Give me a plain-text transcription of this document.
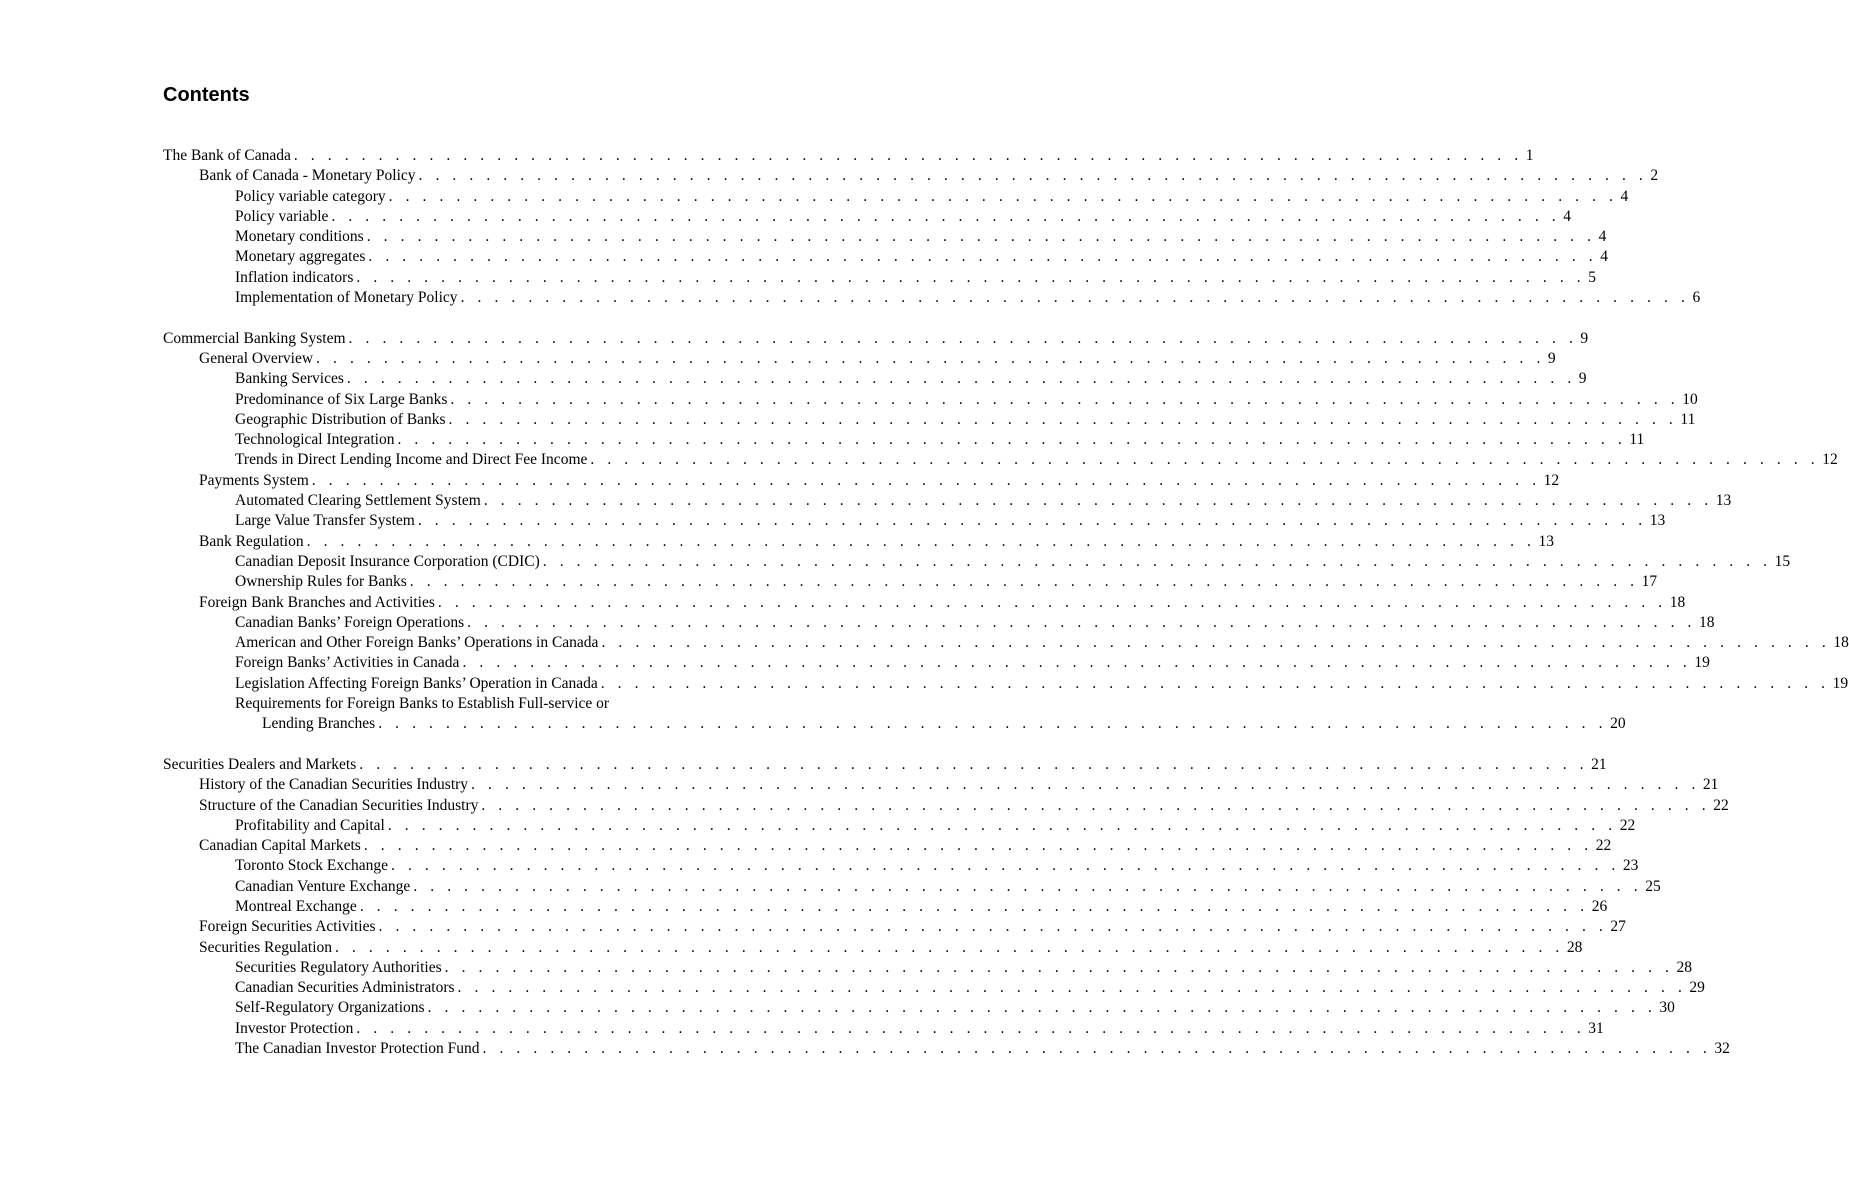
Contents
The Bank of Canada . . . . . . . . . . . . . . . . . . . . . . . . . . . . . . . . . . . . . . . . . . . . . . . . . . . . . . . . . . . . . . . . . . . . . . . . . 1
Bank of Canada - Monetary Policy . . . . . . . . . . . . . . . . . . . . . . . . . . . . . . . . . . . . . . . . . . . . . . . . . . . . . . . . . . . . . . . . . . . . . . . . . 2
Policy variable category . . . . . . . . . . . . . . . . . . . . . . . . . . . . . . . . . . . . . . . . . . . . . . . . . . . . . . . . . . . . . . . . . . . . . . . . . 4
Policy variable . . . . . . . . . . . . . . . . . . . . . . . . . . . . . . . . . . . . . . . . . . . . . . . . . . . . . . . . . . . . . . . . . . . . . . . . . 4
Monetary conditions . . . . . . . . . . . . . . . . . . . . . . . . . . . . . . . . . . . . . . . . . . . . . . . . . . . . . . . . . . . . . . . . . . . . . . . . . 4
Monetary aggregates . . . . . . . . . . . . . . . . . . . . . . . . . . . . . . . . . . . . . . . . . . . . . . . . . . . . . . . . . . . . . . . . . . . . . . . . . 4
Inflation indicators . . . . . . . . . . . . . . . . . . . . . . . . . . . . . . . . . . . . . . . . . . . . . . . . . . . . . . . . . . . . . . . . . . . . . . . . . 5
Implementation of Monetary Policy . . . . . . . . . . . . . . . . . . . . . . . . . . . . . . . . . . . . . . . . . . . . . . . . . . . . . . . . . . . . . . . . . . . . . . . . . 6
Commercial Banking System . . . . . . . . . . . . . . . . . . . . . . . . . . . . . . . . . . . . . . . . . . . . . . . . . . . . . . . . . . . . . . . . . . . . . . . . . 9
General Overview . . . . . . . . . . . . . . . . . . . . . . . . . . . . . . . . . . . . . . . . . . . . . . . . . . . . . . . . . . . . . . . . . . . . . . . . . 9
Banking Services . . . . . . . . . . . . . . . . . . . . . . . . . . . . . . . . . . . . . . . . . . . . . . . . . . . . . . . . . . . . . . . . . . . . . . . . . 9
Predominance of Six Large Banks . . . . . . . . . . . . . . . . . . . . . . . . . . . . . . . . . . . . . . . . . . . . . . . . . . . . . . . . . . . . . . . . . . . . . . . . . 10
Geographic Distribution of Banks . . . . . . . . . . . . . . . . . . . . . . . . . . . . . . . . . . . . . . . . . . . . . . . . . . . . . . . . . . . . . . . . . . . . . . . . . 11
Technological Integration . . . . . . . . . . . . . . . . . . . . . . . . . . . . . . . . . . . . . . . . . . . . . . . . . . . . . . . . . . . . . . . . . . . . . . . . . 11
Trends in Direct Lending Income and Direct Fee Income . . . . . . . . . . . . . . . . . . . . . . . . . . . . . . . . . . . . . . . . . . . . . . . . . . . . . . . . . . . . . . . . . . . . . . . . . 12
Payments System . . . . . . . . . . . . . . . . . . . . . . . . . . . . . . . . . . . . . . . . . . . . . . . . . . . . . . . . . . . . . . . . . . . . . . . . . 12
Automated Clearing Settlement System . . . . . . . . . . . . . . . . . . . . . . . . . . . . . . . . . . . . . . . . . . . . . . . . . . . . . . . . . . . . . . . . . . . . . . . . . 13
Large Value Transfer System . . . . . . . . . . . . . . . . . . . . . . . . . . . . . . . . . . . . . . . . . . . . . . . . . . . . . . . . . . . . . . . . . . . . . . . . . 13
Bank Regulation . . . . . . . . . . . . . . . . . . . . . . . . . . . . . . . . . . . . . . . . . . . . . . . . . . . . . . . . . . . . . . . . . . . . . . . . . 13
Canadian Deposit Insurance Corporation (CDIC) . . . . . . . . . . . . . . . . . . . . . . . . . . . . . . . . . . . . . . . . . . . . . . . . . . . . . . . . . . . . . . . . . . . . . . . . . 15
Ownership Rules for Banks . . . . . . . . . . . . . . . . . . . . . . . . . . . . . . . . . . . . . . . . . . . . . . . . . . . . . . . . . . . . . . . . . . . . . . . . . 17
Foreign Bank Branches and Activities . . . . . . . . . . . . . . . . . . . . . . . . . . . . . . . . . . . . . . . . . . . . . . . . . . . . . . . . . . . . . . . . . . . . . . . . . 18
Canadian Banks’ Foreign Operations . . . . . . . . . . . . . . . . . . . . . . . . . . . . . . . . . . . . . . . . . . . . . . . . . . . . . . . . . . . . . . . . . . . . . . . . . 18
American and Other Foreign Banks’ Operations in Canada . . . . . . . . . . . . . . . . . . . . . . . . . . . . . . . . . . . . . . . . . . . . . . . . . . . . . . . . . . . . . . . . . . . . . . . . . 18
Foreign Banks’ Activities in Canada . . . . . . . . . . . . . . . . . . . . . . . . . . . . . . . . . . . . . . . . . . . . . . . . . . . . . . . . . . . . . . . . . . . . . . . . . 19
Legislation Affecting Foreign Banks’ Operation in Canada . . . . . . . . . . . . . . . . . . . . . . . . . . . . . . . . . . . . . . . . . . . . . . . . . . . . . . . . . . . . . . . . . . . . . . . . . 19
Requirements for Foreign Banks to Establish Full-service or
Lending Branches . . . . . . . . . . . . . . . . . . . . . . . . . . . . . . . . . . . . . . . . . . . . . . . . . . . . . . . . . . . . . . . . . . . . . . . . . 20
Securities Dealers and Markets . . . . . . . . . . . . . . . . . . . . . . . . . . . . . . . . . . . . . . . . . . . . . . . . . . . . . . . . . . . . . . . . . . . . . . . . . 21
History of the Canadian Securities Industry . . . . . . . . . . . . . . . . . . . . . . . . . . . . . . . . . . . . . . . . . . . . . . . . . . . . . . . . . . . . . . . . . . . . . . . . . 21
Structure of the Canadian Securities Industry . . . . . . . . . . . . . . . . . . . . . . . . . . . . . . . . . . . . . . . . . . . . . . . . . . . . . . . . . . . . . . . . . . . . . . . . . 22
Profitability and Capital . . . . . . . . . . . . . . . . . . . . . . . . . . . . . . . . . . . . . . . . . . . . . . . . . . . . . . . . . . . . . . . . . . . . . . . . . 22
Canadian Capital Markets . . . . . . . . . . . . . . . . . . . . . . . . . . . . . . . . . . . . . . . . . . . . . . . . . . . . . . . . . . . . . . . . . . . . . . . . . 22
Toronto Stock Exchange . . . . . . . . . . . . . . . . . . . . . . . . . . . . . . . . . . . . . . . . . . . . . . . . . . . . . . . . . . . . . . . . . . . . . . . . . 23
Canadian Venture Exchange . . . . . . . . . . . . . . . . . . . . . . . . . . . . . . . . . . . . . . . . . . . . . . . . . . . . . . . . . . . . . . . . . . . . . . . . . 25
Montreal Exchange . . . . . . . . . . . . . . . . . . . . . . . . . . . . . . . . . . . . . . . . . . . . . . . . . . . . . . . . . . . . . . . . . . . . . . . . . 26
Foreign Securities Activities . . . . . . . . . . . . . . . . . . . . . . . . . . . . . . . . . . . . . . . . . . . . . . . . . . . . . . . . . . . . . . . . . . . . . . . . . 27
Securities Regulation . . . . . . . . . . . . . . . . . . . . . . . . . . . . . . . . . . . . . . . . . . . . . . . . . . . . . . . . . . . . . . . . . . . . . . . . . 28
Securities Regulatory Authorities . . . . . . . . . . . . . . . . . . . . . . . . . . . . . . . . . . . . . . . . . . . . . . . . . . . . . . . . . . . . . . . . . . . . . . . . . 28
Canadian Securities Administrators . . . . . . . . . . . . . . . . . . . . . . . . . . . . . . . . . . . . . . . . . . . . . . . . . . . . . . . . . . . . . . . . . . . . . . . . . 29
Self-Regulatory Organizations . . . . . . . . . . . . . . . . . . . . . . . . . . . . . . . . . . . . . . . . . . . . . . . . . . . . . . . . . . . . . . . . . . . . . . . . . 30
Investor Protection . . . . . . . . . . . . . . . . . . . . . . . . . . . . . . . . . . . . . . . . . . . . . . . . . . . . . . . . . . . . . . . . . . . . . . . . . 31
The Canadian Investor Protection Fund . . . . . . . . . . . . . . . . . . . . . . . . . . . . . . . . . . . . . . . . . . . . . . . . . . . . . . . . . . . . . . . . . . . . . . . . . 32
